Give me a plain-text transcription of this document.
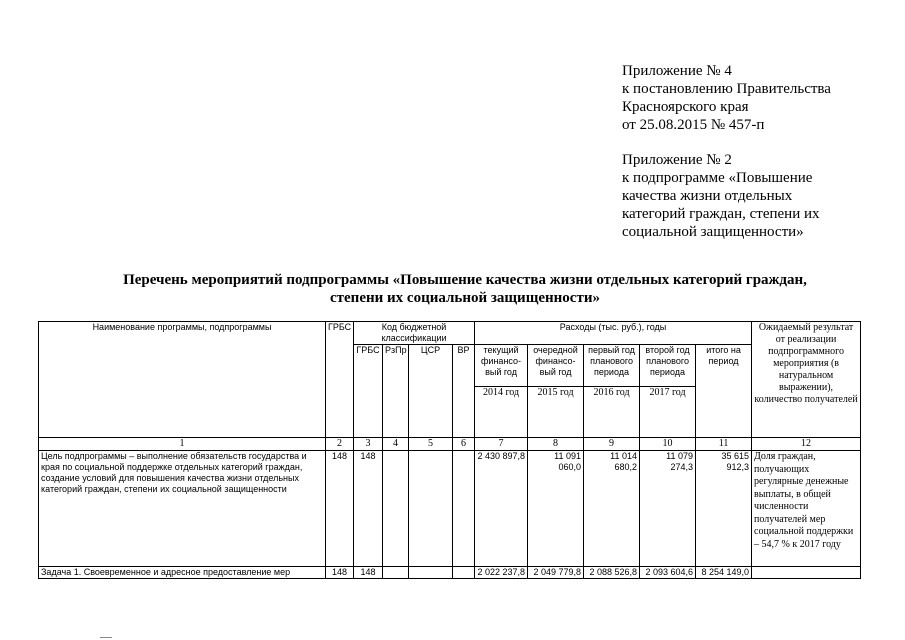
Приложение № 4
к постановлению Правительства
Красноярского края
от 25.08.2015 № 457-п
Приложение № 2
к подпрограмме «Повышение
качества жизни отдельных
категорий граждан, степени их
социальной защищенности»
Перечень мероприятий подпрограммы «Повышение качества жизни отдельных категорий граждан,
степени их социальной защищенности»
Наименование программы, подпрограммы	ГРБС	Код бюджетной классификации				Расходы (тыс. руб.), годы					Ожидаемый результат от реализации подпрограммного мероприятия (в натуральном выражении), количество получателей
		ГРБС	РзПр	ЦСР	ВР	текущий финансо-вый год	очередной финансо-вый год	первый год планового периода	второй год планового периода	итого на период	
						2014 год	2015 год	2016 год	2017 год		
1	2	3	4	5	6	7	8	9	10	11	12
Цель подпрограммы – выполнение обязательств государства и края по социальной поддержке отдельных категорий граждан, создание условий для повышения качества жизни отдельных категорий граждан, степени их социальной защищенности	148	148				2 430 897,8	11 091 060,0	11 014 680,2	11 079 274,3	35 615 912,3	Доля граждан, получающих регулярные денежные выплаты, в общей численности получателей мер социальной поддержки – 54,7 % к 2017 году
Задача 1. Своевременное и адресное предоставление мер	148	148				2 022 237,8	2 049 779,8	2 088 526,8	2 093 604,6	8 254 149,0	
